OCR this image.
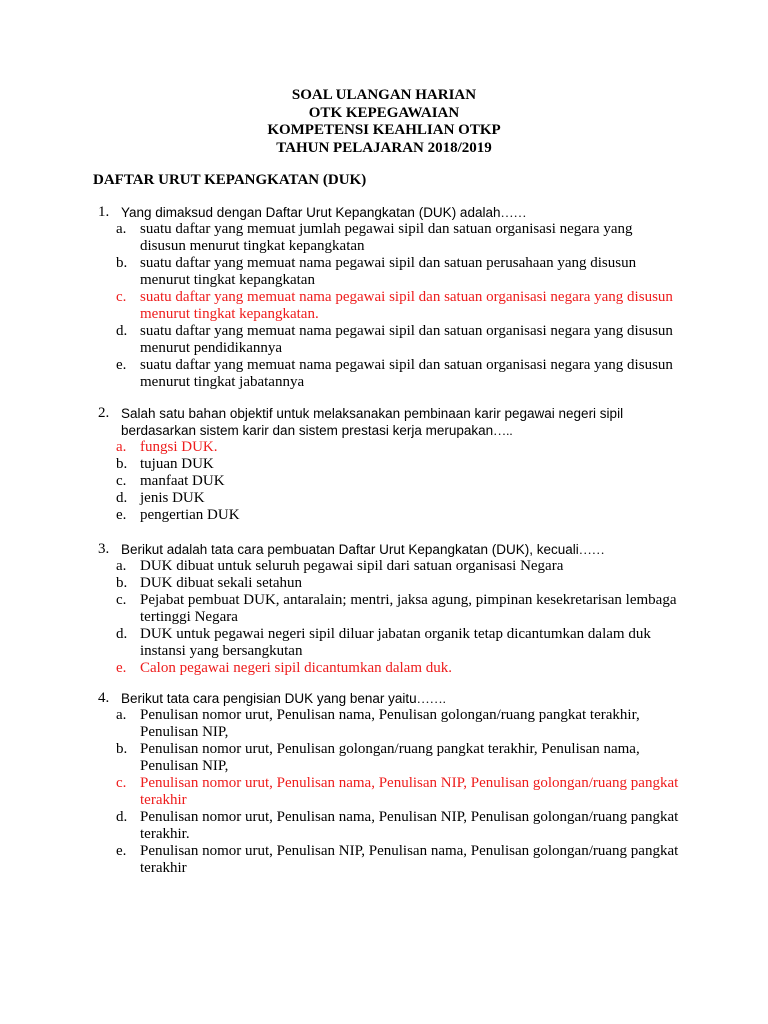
SOAL ULANGAN HARIAN
OTK KEPEGAWAIAN
KOMPETENSI KEAHLIAN OTKP
TAHUN PELAJARAN 2018/2019
DAFTAR URUT KEPANGKATAN (DUK)
1. Yang dimaksud dengan Daftar Urut Kepangkatan (DUK) adalah……
a. suatu daftar yang memuat jumlah pegawai sipil dan satuan organisasi negara yang disusun menurut tingkat kepangkatan
b. suatu daftar yang memuat nama pegawai sipil dan satuan perusahaan yang disusun menurut tingkat kepangkatan
c. suatu daftar yang memuat nama pegawai sipil dan satuan organisasi negara yang disusun menurut tingkat kepangkatan.
d. suatu daftar yang memuat nama pegawai sipil dan satuan organisasi negara yang disusun menurut pendidikannya
e. suatu daftar yang memuat nama pegawai sipil dan satuan organisasi negara yang disusun menurut tingkat jabatannya
2. Salah satu bahan objektif untuk melaksanakan pembinaan karir pegawai negeri sipil
berdasarkan sistem karir dan sistem prestasi kerja merupakan…..
a. fungsi DUK.
b. tujuan DUK
c. manfaat DUK
d. jenis DUK
e. pengertian DUK
3. Berikut adalah tata cara pembuatan Daftar Urut Kepangkatan (DUK), kecuali……
a. DUK dibuat untuk seluruh pegawai sipil dari satuan organisasi Negara
b. DUK dibuat sekali setahun
c. Pejabat pembuat DUK, antaralain; mentri, jaksa agung, pimpinan kesekretarisan lembaga tertinggi Negara
d. DUK untuk pegawai negeri sipil diluar jabatan organik tetap dicantumkan dalam duk instansi yang bersangkutan
e. Calon pegawai negeri sipil dicantumkan dalam duk.
4. Berikut tata cara pengisian DUK yang benar yaitu…….
a. Penulisan nomor urut, Penulisan nama, Penulisan golongan/ruang pangkat terakhir, Penulisan NIP,
b. Penulisan nomor urut, Penulisan golongan/ruang pangkat terakhir, Penulisan nama, Penulisan NIP,
c. Penulisan nomor urut, Penulisan nama, Penulisan NIP, Penulisan golongan/ruang pangkat terakhir
d. Penulisan nomor urut, Penulisan nama, Penulisan NIP, Penulisan golongan/ruang pangkat terakhir.
e. Penulisan nomor urut, Penulisan NIP, Penulisan nama, Penulisan golongan/ruang pangkat terakhir
